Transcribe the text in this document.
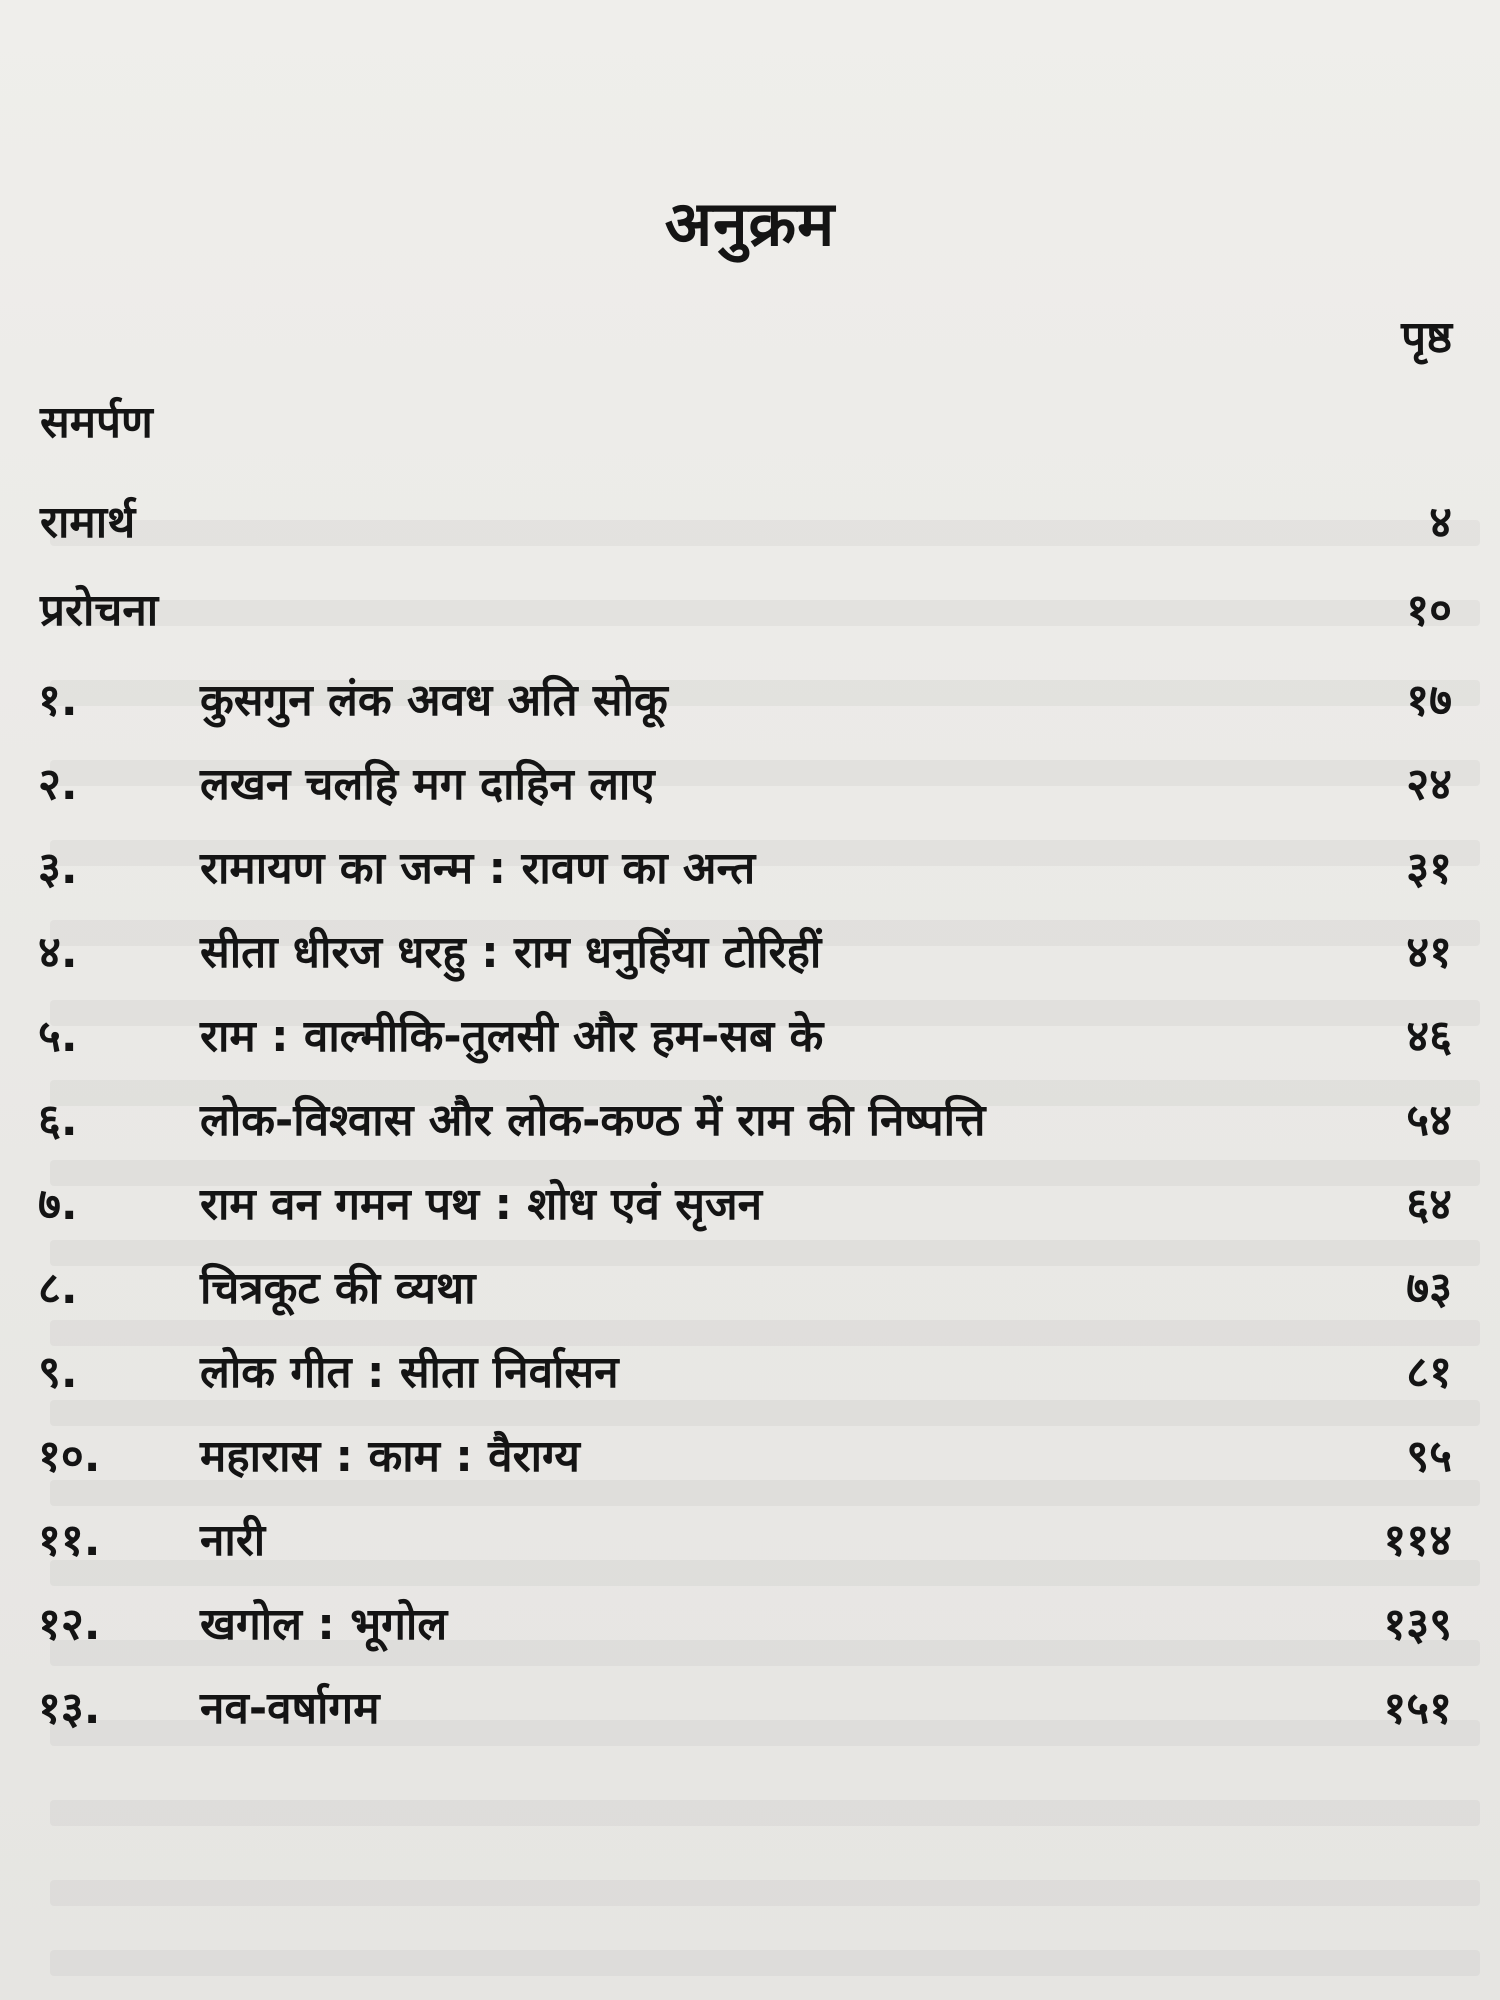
अनुक्रम
पृष्ठ
समर्पण
रामार्थ	४
प्ररोचना	१०
१.	कुसगुन लंक अवध अति सोकू	१७
२.	लखन चलहि मग दाहिन लाए	२४
३.	रामायण का जन्म : रावण का अन्त	३१
४.	सीता धीरज धरहु : राम धनुहिंया टोरिहीं	४१
५.	राम : वाल्मीकि-तुलसी और हम-सब के	४६
६.	लोक-विश्वास और लोक-कण्ठ में राम की निष्पत्ति	५४
७.	राम वन गमन पथ : शोध एवं सृजन	६४
८.	चित्रकूट की व्यथा	७३
९.	लोक गीत : सीता निर्वासन	८१
१०. महारास : काम : वैराग्य	९५
११. नारी	११४
१२. खगोल : भूगोल	१३९
१३. नव-वर्षागम	१५१
